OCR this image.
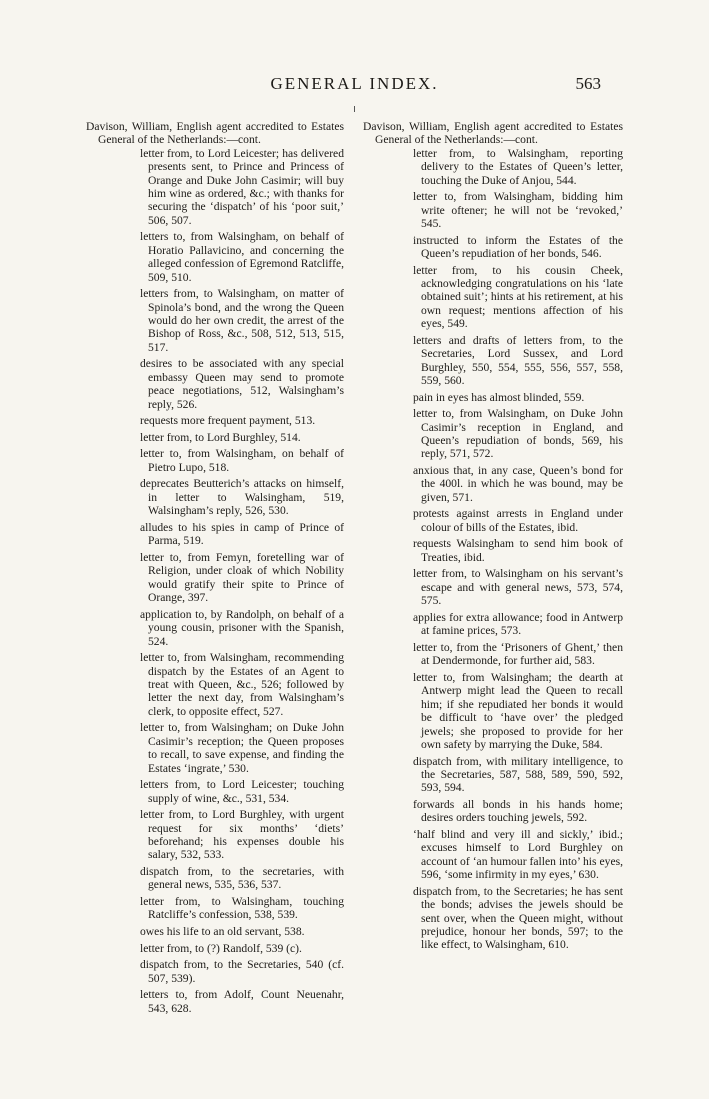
GENERAL INDEX.	563

Davison, William, English agent accredited to Estates General of the Netherlands:—cont.

letter from, to Lord Leicester; has delivered presents sent, to Prince and Princess of Orange and Duke John Casimir; will buy him wine as ordered, &c.; with thanks for securing the ‘dispatch’ of his ‘poor suit,’ 506, 507.

letters to, from Walsingham, on behalf of Horatio Pallavicino, and concerning the alleged confession of Egremond Ratcliffe, 509, 510.

letters from, to Walsingham, on matter of Spinola’s bond, and the wrong the Queen would do her own credit, the arrest of the Bishop of Ross, &c., 508, 512, 513, 515, 517.

desires to be associated with any special embassy Queen may send to promote peace negotiations, 512, Walsingham’s reply, 526.

requests more frequent payment, 513.

letter from, to Lord Burghley, 514.

letter to, from Walsingham, on behalf of Pietro Lupo, 518.

deprecates Beutterich’s attacks on himself, in letter to Walsingham, 519, Walsingham’s reply, 526, 530.

alludes to his spies in camp of Prince of Parma, 519.

letter to, from Femyn, foretelling war of Religion, under cloak of which Nobility would gratify their spite to Prince of Orange, 397.

application to, by Randolph, on behalf of a young cousin, prisoner with the Spanish, 524.

letter to, from Walsingham, recommending dispatch by the Estates of an Agent to treat with Queen, &c., 526; followed by letter the next day, from Walsingham’s clerk, to opposite effect, 527.

letter to, from Walsingham; on Duke John Casimir’s reception; the Queen proposes to recall, to save expense, and finding the Estates ‘ingrate,’ 530.

letters from, to Lord Leicester; touching supply of wine, &c., 531, 534.

letter from, to Lord Burghley, with urgent request for six months’ ‘diets’ beforehand; his expenses double his salary, 532, 533.

dispatch from, to the secretaries, with general news, 535, 536, 537.

letter from, to Walsingham, touching Ratcliffe’s confession, 538, 539.

owes his life to an old servant, 538.

letter from, to (?) Randolf, 539 (c).

dispatch from, to the Secretaries, 540 (cf. 507, 539).

letters to, from Adolf, Count Neuenahr, 543, 628.

Davison, William, English agent accredited to Estates General of the Netherlands:—cont.

letter from, to Walsingham, reporting delivery to the Estates of Queen’s letter, touching the Duke of Anjou, 544.

letter to, from Walsingham, bidding him write oftener; he will not be ‘revoked,’ 545.

instructed to inform the Estates of the Queen’s repudiation of her bonds, 546.

letter from, to his cousin Cheek, acknowledging congratulations on his ‘late obtained suit’; hints at his retirement, at his own request; mentions affection of his eyes, 549.

letters and drafts of letters from, to the Secretaries, Lord Sussex, and Lord Burghley, 550, 554, 555, 556, 557, 558, 559, 560.

pain in eyes has almost blinded, 559.

letter to, from Walsingham, on Duke John Casimir’s reception in England, and Queen’s repudiation of bonds, 569, his reply, 571, 572.

anxious that, in any case, Queen’s bond for the 400l. in which he was bound, may be given, 571.

protests against arrests in England under colour of bills of the Estates, ibid.

requests Walsingham to send him book of Treaties, ibid.

letter from, to Walsingham on his servant’s escape and with general news, 573, 574, 575.

applies for extra allowance; food in Antwerp at famine prices, 573.

letter to, from the ‘Prisoners of Ghent,’ then at Dendermonde, for further aid, 583.

letter to, from Walsingham; the dearth at Antwerp might lead the Queen to recall him; if she repudiated her bonds it would be difficult to ‘have over’ the pledged jewels; she proposed to provide for her own safety by marrying the Duke, 584.

dispatch from, with military intelligence, to the Secretaries, 587, 588, 589, 590, 592, 593, 594.

forwards all bonds in his hands home; desires orders touching jewels, 592.

‘half blind and very ill and sickly,’ ibid.; excuses himself to Lord Burghley on account of ‘an humour fallen into’ his eyes, 596, ‘some infirmity in my eyes,’ 630.

dispatch from, to the Secretaries; he has sent the bonds; advises the jewels should be sent over, when the Queen might, without prejudice, honour her bonds, 597; to the like effect, to Walsingham, 610.
